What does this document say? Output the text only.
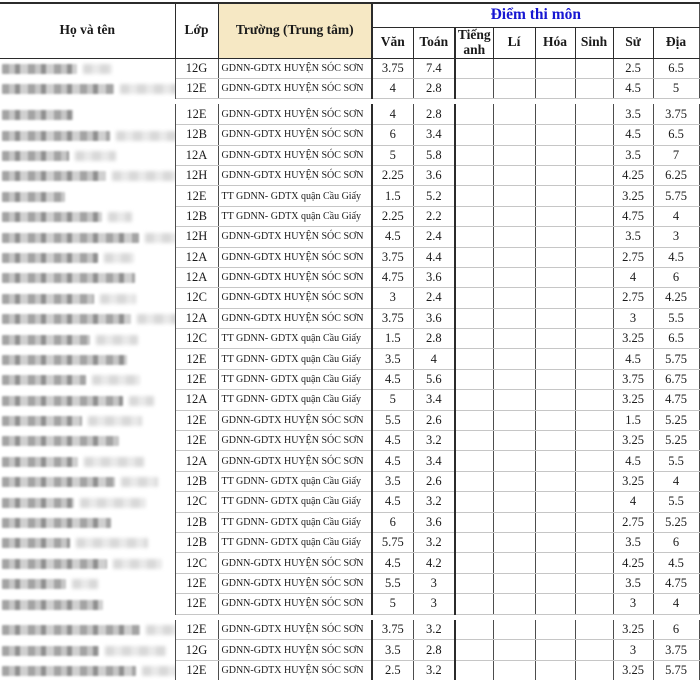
Họ và tên	Lớp	Trường (Trung tâm)	Điểm thi môn							
			Văn	Toán	Tiếng anh	Lí	Hóa	Sinh	Sử	Địa
	12G	GDNN-GDTX HUYỆN SÓC SƠN	3.75	7.4					2.5	6.5
	12E	GDNN-GDTX HUYỆN SÓC SƠN	4	2.8					4.5	5

	12E	GDNN-GDTX HUYỆN SÓC SƠN	4	2.8					3.5	3.75
	12B	GDNN-GDTX HUYỆN SÓC SƠN	6	3.4					4.5	6.5
	12A	GDNN-GDTX HUYỆN SÓC SƠN	5	5.8					3.5	7
	12H	GDNN-GDTX HUYỆN SÓC SƠN	2.25	3.6					4.25	6.25
	12E	TT GDNN- GDTX quận Cầu Giấy	1.5	5.2					3.25	5.75
	12B	TT GDNN- GDTX quận Cầu Giấy	2.25	2.2					4.75	4
	12H	GDNN-GDTX HUYỆN SÓC SƠN	4.5	2.4					3.5	3
	12A	GDNN-GDTX HUYỆN SÓC SƠN	3.75	4.4					2.75	4.5
	12A	GDNN-GDTX HUYỆN SÓC SƠN	4.75	3.6					4	6
	12C	GDNN-GDTX HUYỆN SÓC SƠN	3	2.4					2.75	4.25
	12A	GDNN-GDTX HUYỆN SÓC SƠN	3.75	3.6					3	5.5
	12C	TT GDNN- GDTX quận Cầu Giấy	1.5	2.8					3.25	6.5
	12E	TT GDNN- GDTX quận Cầu Giấy	3.5	4					4.5	5.75
	12E	TT GDNN- GDTX quận Cầu Giấy	4.5	5.6					3.75	6.75
	12A	TT GDNN- GDTX quận Cầu Giấy	5	3.4					3.25	4.75
	12E	GDNN-GDTX HUYỆN SÓC SƠN	5.5	2.6					1.5	5.25
	12E	GDNN-GDTX HUYỆN SÓC SƠN	4.5	3.2					3.25	5.25
	12A	GDNN-GDTX HUYỆN SÓC SƠN	4.5	3.4					4.5	5.5
	12B	TT GDNN- GDTX quận Cầu Giấy	3.5	2.6					3.25	4
	12C	TT GDNN- GDTX quận Cầu Giấy	4.5	3.2					4	5.5
	12B	TT GDNN- GDTX quận Cầu Giấy	6	3.6					2.75	5.25
	12B	TT GDNN- GDTX quận Cầu Giấy	5.75	3.2					3.5	6
	12C	GDNN-GDTX HUYỆN SÓC SƠN	4.5	4.2					4.25	4.5
	12E	GDNN-GDTX HUYỆN SÓC SƠN	5.5	3					3.5	4.75
	12E	GDNN-GDTX HUYỆN SÓC SƠN	5	3					3	4

	12E	GDNN-GDTX HUYỆN SÓC SƠN	3.75	3.2					3.25	6
	12G	GDNN-GDTX HUYỆN SÓC SƠN	3.5	2.8					3	3.75
	12E	GDNN-GDTX HUYỆN SÓC SƠN	2.5	3.2					3.25	5.75
